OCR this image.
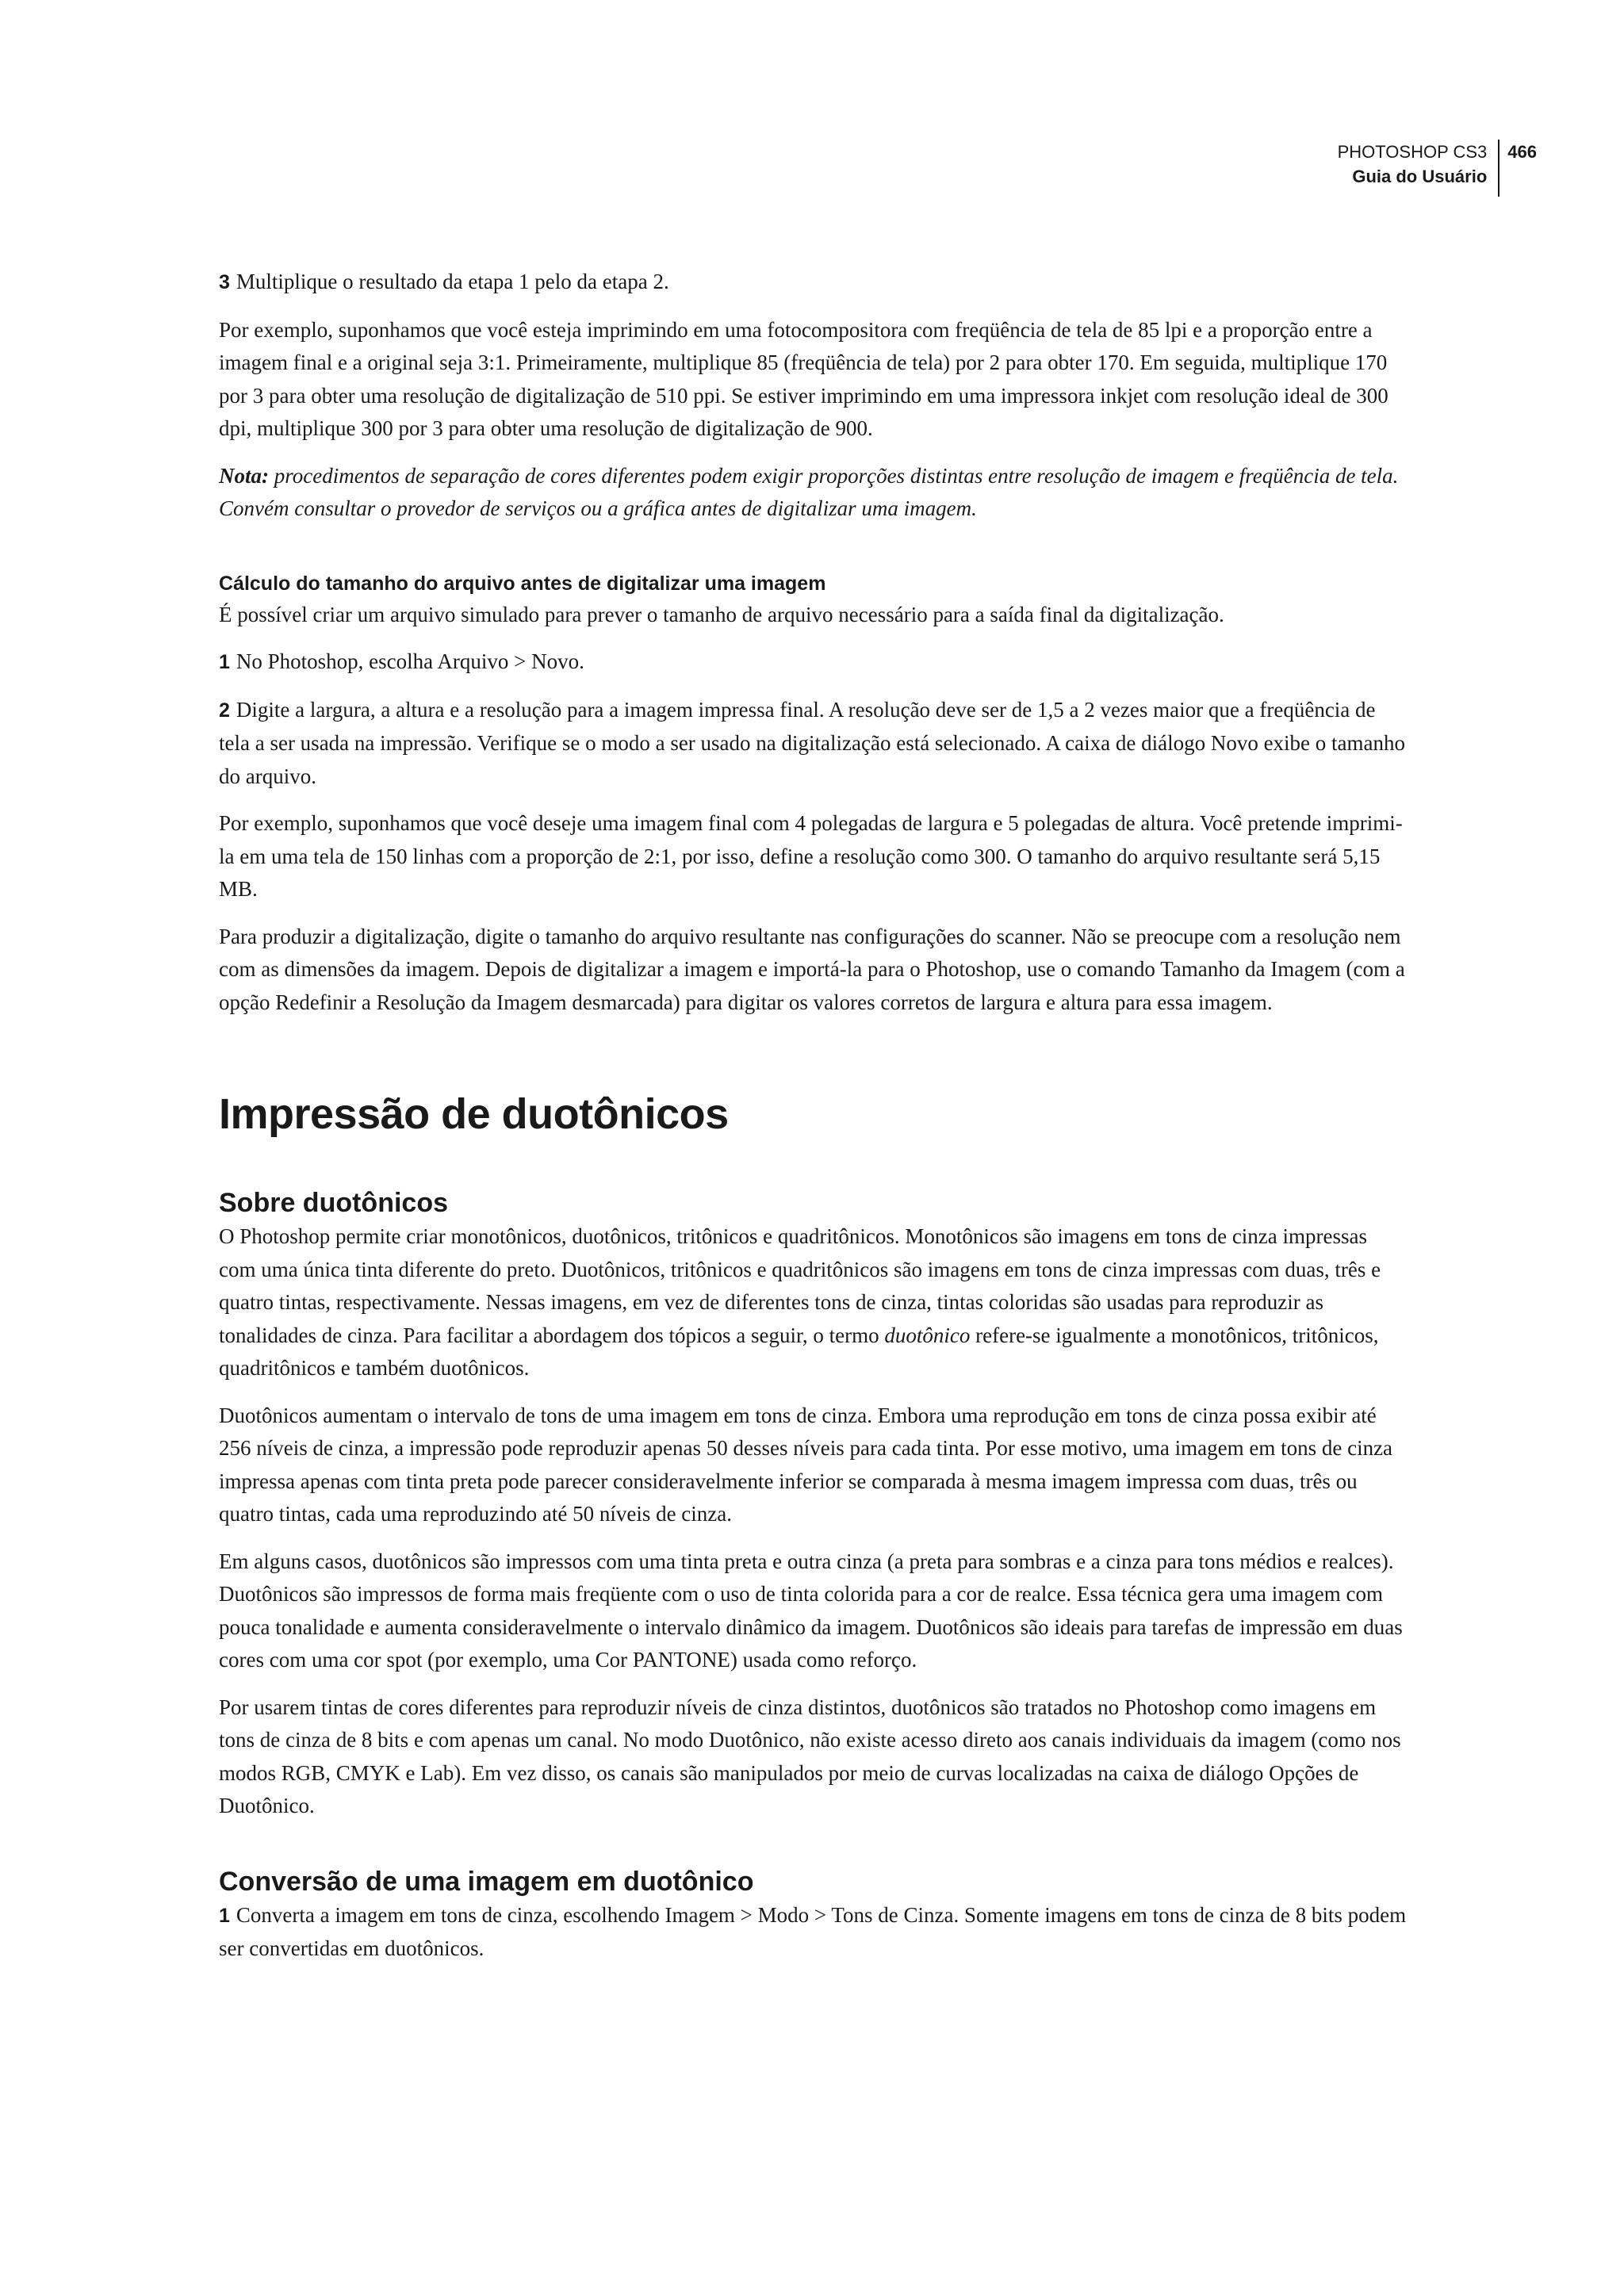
PHOTOSHOP CS3
Guia do Usuário
466

3 Multiplique o resultado da etapa 1 pelo da etapa 2.

Por exemplo, suponhamos que você esteja imprimindo em uma fotocompositora com freqüência de tela de 85 lpi e a proporção entre a imagem final e a original seja 3:1. Primeiramente, multiplique 85 (freqüência de tela) por 2 para obter 170. Em seguida, multiplique 170 por 3 para obter uma resolução de digitalização de 510 ppi. Se estiver imprimindo em uma impressora inkjet com resolução ideal de 300 dpi, multiplique 300 por 3 para obter uma resolução de digitalização de 900.

Nota: procedimentos de separação de cores diferentes podem exigir proporções distintas entre resolução de imagem e freqüência de tela. Convém consultar o provedor de serviços ou a gráfica antes de digitalizar uma imagem.

Cálculo do tamanho do arquivo antes de digitalizar uma imagem

É possível criar um arquivo simulado para prever o tamanho de arquivo necessário para a saída final da digitalização.

1 No Photoshop, escolha Arquivo > Novo.

2 Digite a largura, a altura e a resolução para a imagem impressa final. A resolução deve ser de 1,5 a 2 vezes maior que a freqüência de tela a ser usada na impressão. Verifique se o modo a ser usado na digitalização está selecionado. A caixa de diálogo Novo exibe o tamanho do arquivo.

Por exemplo, suponhamos que você deseje uma imagem final com 4 polegadas de largura e 5 polegadas de altura. Você pretende imprimi-la em uma tela de 150 linhas com a proporção de 2:1, por isso, define a resolução como 300. O tamanho do arquivo resultante será 5,15 MB.

Para produzir a digitalização, digite o tamanho do arquivo resultante nas configurações do scanner. Não se preocupe com a resolução nem com as dimensões da imagem. Depois de digitalizar a imagem e importá-la para o Photoshop, use o comando Tamanho da Imagem (com a opção Redefinir a Resolução da Imagem desmarcada) para digitar os valores corretos de largura e altura para essa imagem.

Impressão de duotônicos
Sobre duotônicos

O Photoshop permite criar monotônicos, duotônicos, tritônicos e quadritônicos. Monotônicos são imagens em tons de cinza impressas com uma única tinta diferente do preto. Duotônicos, tritônicos e quadritônicos são imagens em tons de cinza impressas com duas, três e quatro tintas, respectivamente. Nessas imagens, em vez de diferentes tons de cinza, tintas coloridas são usadas para reproduzir as tonalidades de cinza. Para facilitar a abordagem dos tópicos a seguir, o termo duotônico refere-se igualmente a monotônicos, tritônicos, quadritônicos e também duotônicos.

Duotônicos aumentam o intervalo de tons de uma imagem em tons de cinza. Embora uma reprodução em tons de cinza possa exibir até 256 níveis de cinza, a impressão pode reproduzir apenas 50 desses níveis para cada tinta. Por esse motivo, uma imagem em tons de cinza impressa apenas com tinta preta pode parecer consideravelmente inferior se comparada à mesma imagem impressa com duas, três ou quatro tintas, cada uma reproduzindo até 50 níveis de cinza.

Em alguns casos, duotônicos são impressos com uma tinta preta e outra cinza (a preta para sombras e a cinza para tons médios e realces). Duotônicos são impressos de forma mais freqüente com o uso de tinta colorida para a cor de realce. Essa técnica gera uma imagem com pouca tonalidade e aumenta consideravelmente o intervalo dinâmico da imagem. Duotônicos são ideais para tarefas de impressão em duas cores com uma cor spot (por exemplo, uma Cor PANTONE) usada como reforço.

Por usarem tintas de cores diferentes para reproduzir níveis de cinza distintos, duotônicos são tratados no Photoshop como imagens em tons de cinza de 8 bits e com apenas um canal. No modo Duotônico, não existe acesso direto aos canais individuais da imagem (como nos modos RGB, CMYK e Lab). Em vez disso, os canais são manipulados por meio de curvas localizadas na caixa de diálogo Opções de Duotônico.

Conversão de uma imagem em duotônico

1 Converta a imagem em tons de cinza, escolhendo Imagem > Modo > Tons de Cinza. Somente imagens em tons de cinza de 8 bits podem ser convertidas em duotônicos.
